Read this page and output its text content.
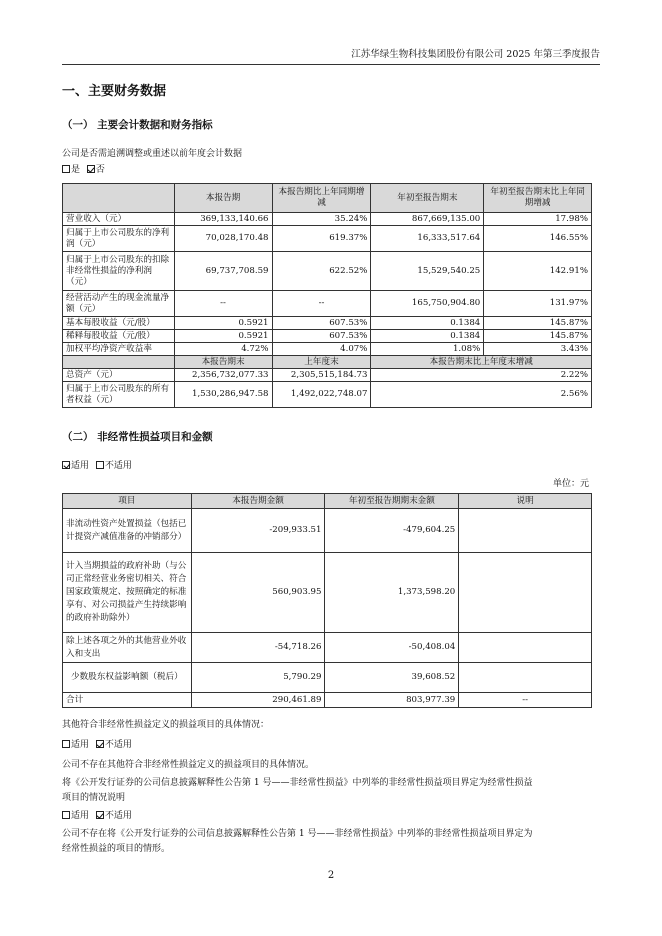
江苏华绿生物科技集团股份有限公司 2025 年第三季度报告
一、主要财务数据
（一） 主要会计数据和财务指标
公司是否需追溯调整或重述以前年度会计数据
是 否
	本报告期	本报告期比上年同期增减	年初至报告期末	年初至报告期末比上年同期增减
营业收入（元）	369,133,140.66	35.24%	867,669,135.00	17.98%
归属于上市公司股东的净利润（元）	70,028,170.48	619.37%	16,333,517.64	146.55%
归属于上市公司股东的扣除非经常性损益的净利润（元）	69,737,708.59	622.52%	15,529,540.25	142.91%
经营活动产生的现金流量净额（元）	--	--	165,750,904.80	131.97%
基本每股收益（元/股）	0.5921	607.53%	0.1384	145.87%
稀释每股收益（元/股）	0.5921	607.53%	0.1384	145.87%
加权平均净资产收益率	4.72%	4.07%	1.08%	3.43%
	本报告期末	上年度末	本报告期末比上年度末增减	
总资产（元）	2,356,732,077.33	2,305,515,184.73	2.22%	
归属于上市公司股东的所有者权益（元）	1,530,286,947.58	1,492,022,748.07	2.56%	
（二） 非经常性损益项目和金额
适用 不适用
单位：元
项目	本报告期金额	年初至报告期期末金额	说明
非流动性资产处置损益（包括已计提资产减值准备的冲销部分）	-209,933.51	-479,604.25	
计入当期损益的政府补助（与公司正常经营业务密切相关、符合国家政策规定、按照确定的标准享有、对公司损益产生持续影响的政府补助除外）	560,903.95	1,373,598.20	
除上述各项之外的其他营业外收入和支出	-54,718.26	-50,408.04	
少数股东权益影响额（税后）	5,790.29	39,608.52	
合计	290,461.89	803,977.39	--
其他符合非经常性损益定义的损益项目的具体情况：
适用 不适用
公司不存在其他符合非经常性损益定义的损益项目的具体情况。
将《公开发行证券的公司信息披露解释性公告第 1 号——非经常性损益》中列举的非经常性损益项目界定为经常性损益
项目的情况说明
适用 不适用
公司不存在将《公开发行证券的公司信息披露解释性公告第 1 号——非经常性损益》中列举的非经常性损益项目界定为
经常性损益的项目的情形。
2
